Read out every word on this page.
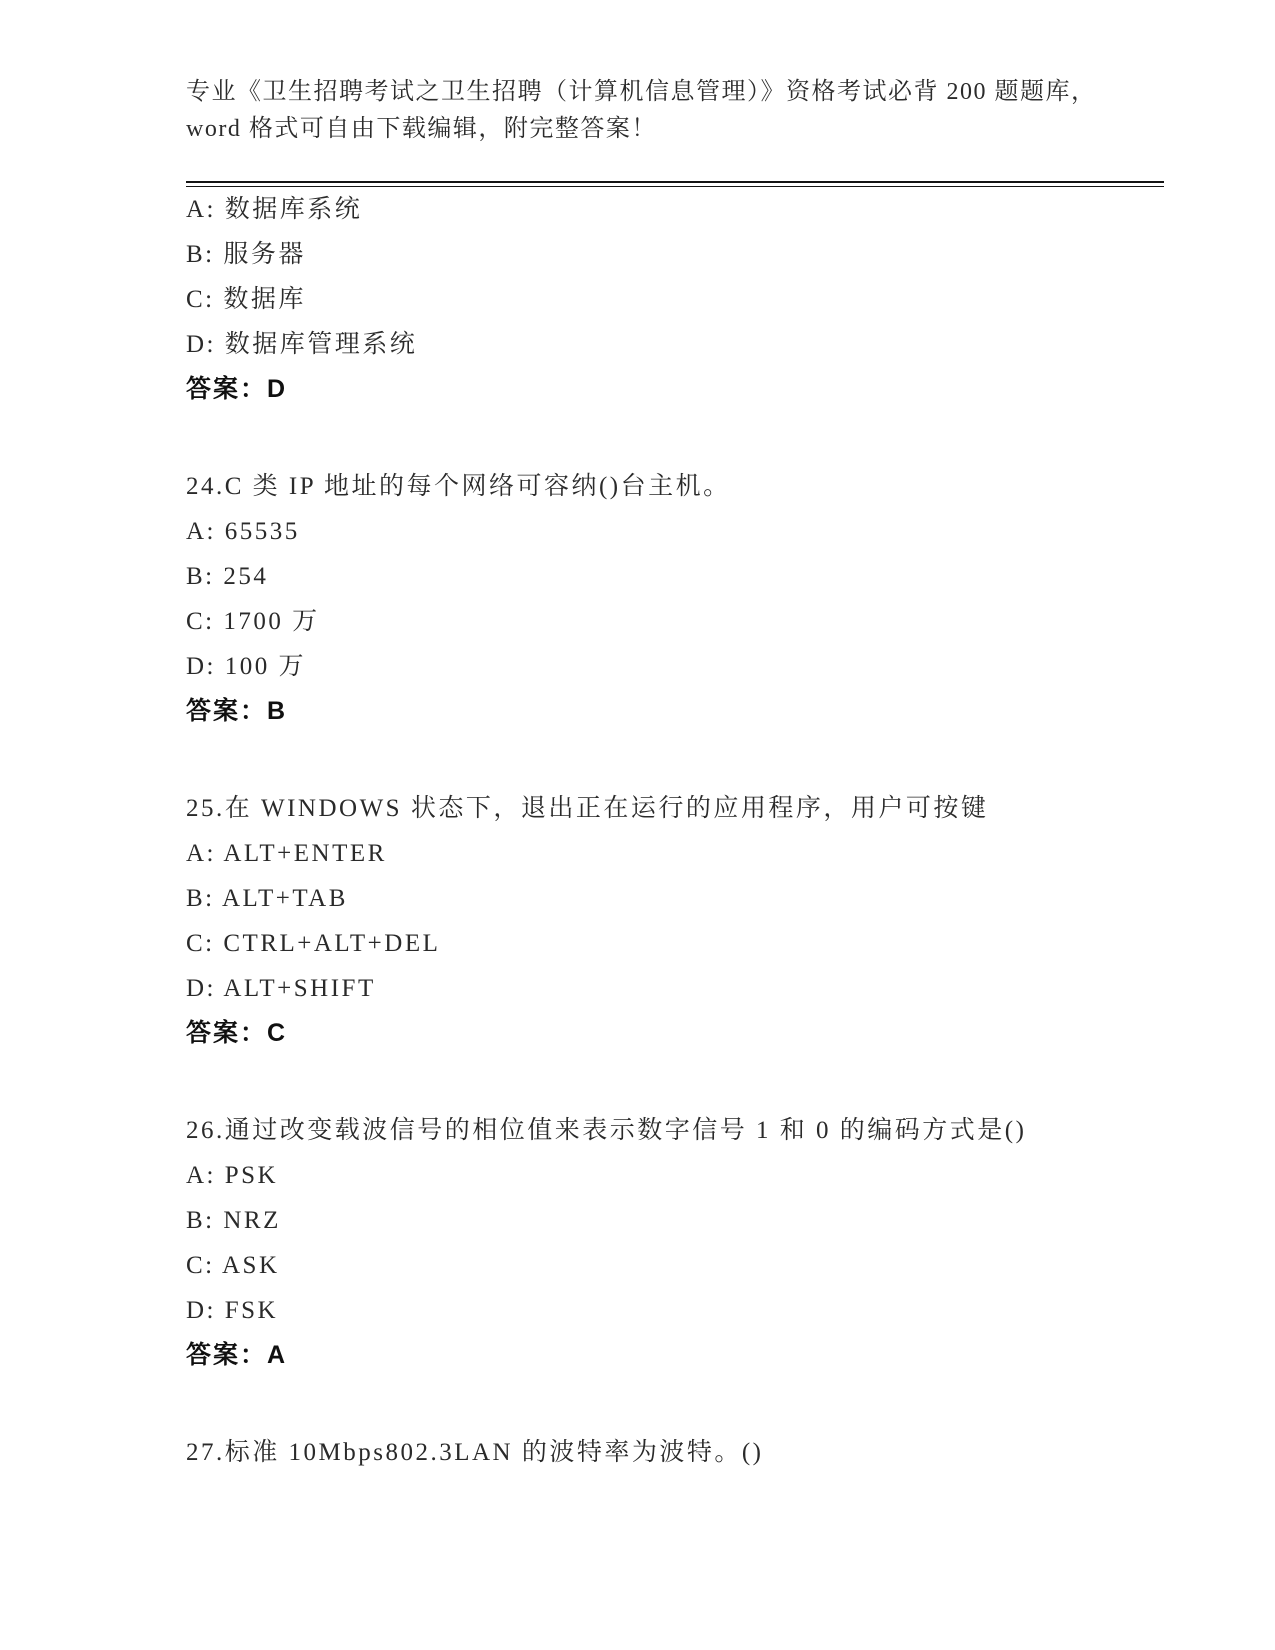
专业《卫生招聘考试之卫生招聘（计算机信息管理）》资格考试必背 200 题题库，

word 格式可自由下载编辑，附完整答案！

A: 数据库系统

B: 服务器

C: 数据库

D: 数据库管理系统

答案：D

24.C 类 IP 地址的每个网络可容纳()台主机。

A: 65535

B: 254

C: 1700 万

D: 100 万

答案：B

25.在 WINDOWS 状态下，退出正在运行的应用程序，用户可按键

A: ALT+ENTER

B: ALT+TAB

C: CTRL+ALT+DEL

D: ALT+SHIFT

答案：C

26.通过改变载波信号的相位值来表示数字信号 1 和 0 的编码方式是()

A: PSK

B: NRZ

C: ASK

D: FSK

答案：A

27.标准 10Mbps802.3LAN 的波特率为波特。()
